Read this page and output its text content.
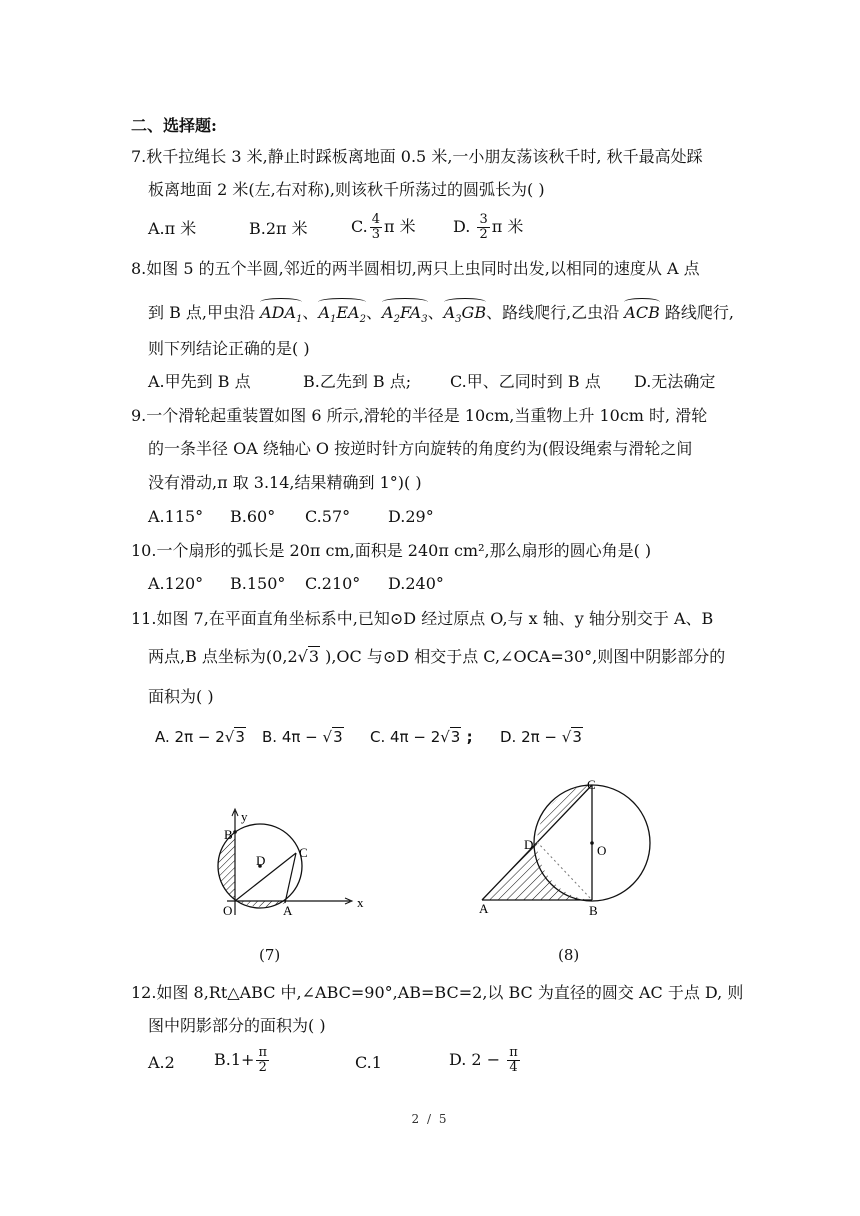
二、选择题:
7.秋千拉绳长 3 米,静止时踩板离地面 0.5 米,一小朋友荡该秋千时, 秋千最高处踩
板离地面 2 米(左,右对称),则该秋千所荡过的圆弧长为( )
A.π 米	B.2π 米	C. $\frac{4}{3}$ π 米 D. $\frac{3}{2}$ π 米
8.如图 5 的五个半圆,邻近的两半圆相切,两只上虫同时出发,以相同的速度从 A 点
到 B 点,甲虫沿 $ADA_1$、$A_1EA_2$、$A_2FA_3$、$A_3GB$、路线爬行,乙虫沿 ACB 路线爬行,
则下列结论正确的是( )
A.甲先到 B 点	B.乙先到 B 点; C.甲、乙同时到 B 点 D.无法确定
9.一个滑轮起重装置如图 6 所示,滑轮的半径是 10cm,当重物上升 10cm 时, 滑轮
的一条半径 OA 绕轴心 O 按逆时针方向旋转的角度约为(假设绳索与滑轮之间
没有滑动,π 取 3.14,结果精确到 1°)( )
A.115° B.60° C.57° D.29°
10.一个扇形的弧长是 20π cm,面积是 240π cm²,那么扇形的圆心角是( )
A.120° B.150° C.210° D.240°
11.如图 7,在平面直角坐标系中,已知⊙D 经过原点 O,与 x 轴、y 轴分别交于 A、B
两点,B 点坐标为(0,2√3 ),OC 与⊙D 相交于点 C,∠OCA=30°,则图中阴影部分的
面积为( )
A. 2π − 2√3 B. 4π − √3 C. 4π − 2√3 ; D. 2π − √3
y
B
D
C
O	A
x
(7)
C
D	O
A	B
(8)
12.如图 8,Rt△ABC 中,∠ABC=90°,AB=BC=2,以 BC 为直径的圆交 AC 于点 D, 则
图中阴影部分的面积为( )
A.2 $B.1+ \frac{\pi}{2}$	C.1	D. $2 - \frac{\pi}{4}$
2 / 5
